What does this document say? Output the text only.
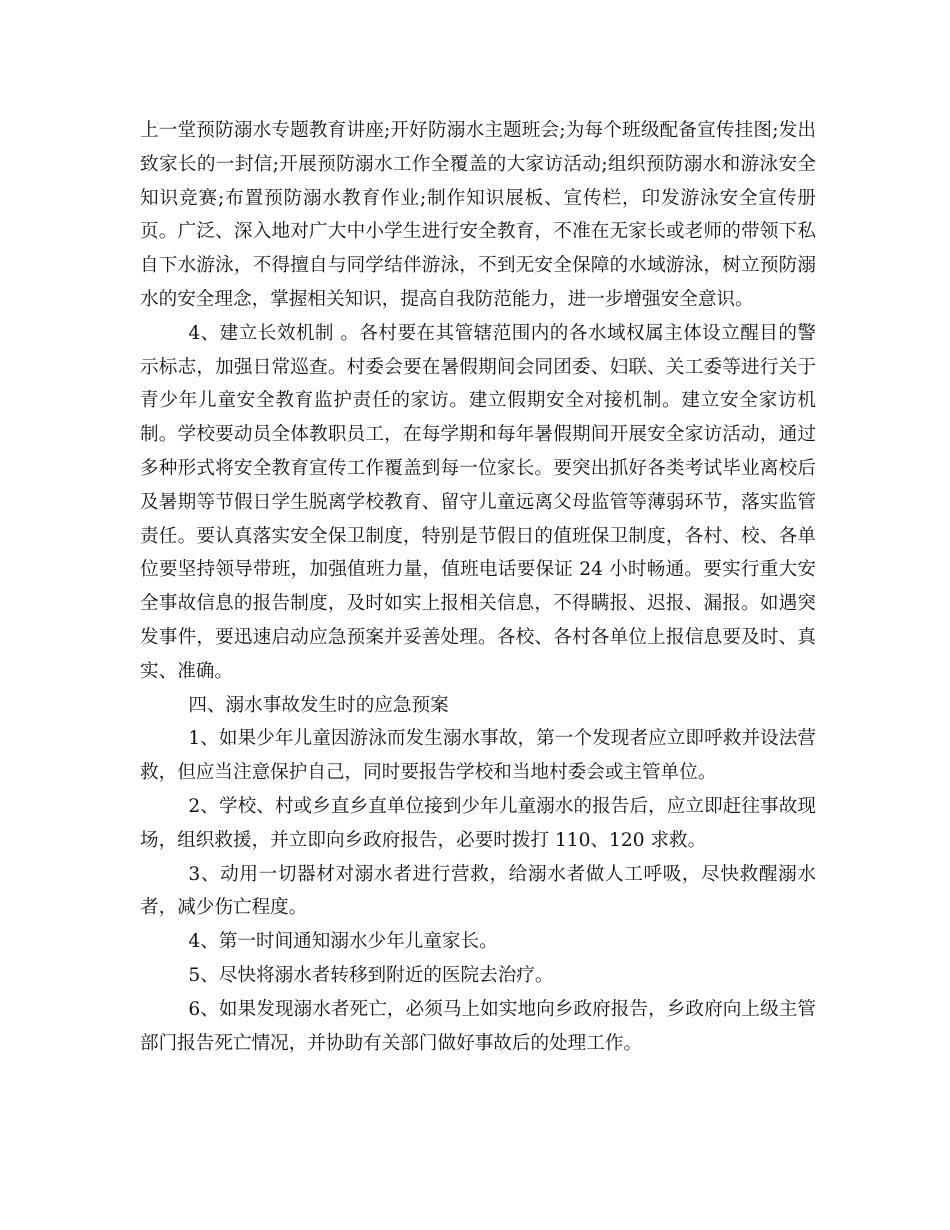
上一堂预防溺水专题教育讲座;开好防溺水主题班会;为每个班级配备宣传挂图;发出致家长的一封信;开展预防溺水工作全覆盖的大家访活动;组织预防溺水和游泳安全知识竞赛;布置预防溺水教育作业;制作知识展板、宣传栏，印发游泳安全宣传册页。广泛、深入地对广大中小学生进行安全教育，不准在无家长或老师的带领下私自下水游泳，不得擅自与同学结伴游泳，不到无安全保障的水域游泳，树立预防溺水的安全理念，掌握相关知识，提高自我防范能力，进一步增强安全意识。

4、建立长效机制 。各村要在其管辖范围内的各水域权属主体设立醒目的警示标志，加强日常巡查。村委会要在暑假期间会同团委、妇联、关工委等进行关于青少年儿童安全教育监护责任的家访。建立假期安全对接机制。建立安全家访机制。学校要动员全体教职员工，在每学期和每年暑假期间开展安全家访活动，通过多种形式将安全教育宣传工作覆盖到每一位家长。要突出抓好各类考试毕业离校后及暑期等节假日学生脱离学校教育、留守儿童远离父母监管等薄弱环节，落实监管责任。要认真落实安全保卫制度，特别是节假日的值班保卫制度，各村、校、各单位要坚持领导带班，加强值班力量，值班电话要保证 24 小时畅通。要实行重大安全事故信息的报告制度，及时如实上报相关信息，不得瞒报、迟报、漏报。如遇突发事件，要迅速启动应急预案并妥善处理。各校、各村各单位上报信息要及时、真实、准确。

四、溺水事故发生时的应急预案

1、如果少年儿童因游泳而发生溺水事故，第一个发现者应立即呼救并设法营救，但应当注意保护自己，同时要报告学校和当地村委会或主管单位。

2、学校、村或乡直乡直单位接到少年儿童溺水的报告后，应立即赶往事故现场，组织救援，并立即向乡政府报告，必要时拨打 110、120 求救。

3、动用一切器材对溺水者进行营救，给溺水者做人工呼吸，尽快救醒溺水者，减少伤亡程度。

4、第一时间通知溺水少年儿童家长。

5、尽快将溺水者转移到附近的医院去治疗。

6、如果发现溺水者死亡，必须马上如实地向乡政府报告，乡政府向上级主管部门报告死亡情况，并协助有关部门做好事故后的处理工作。
